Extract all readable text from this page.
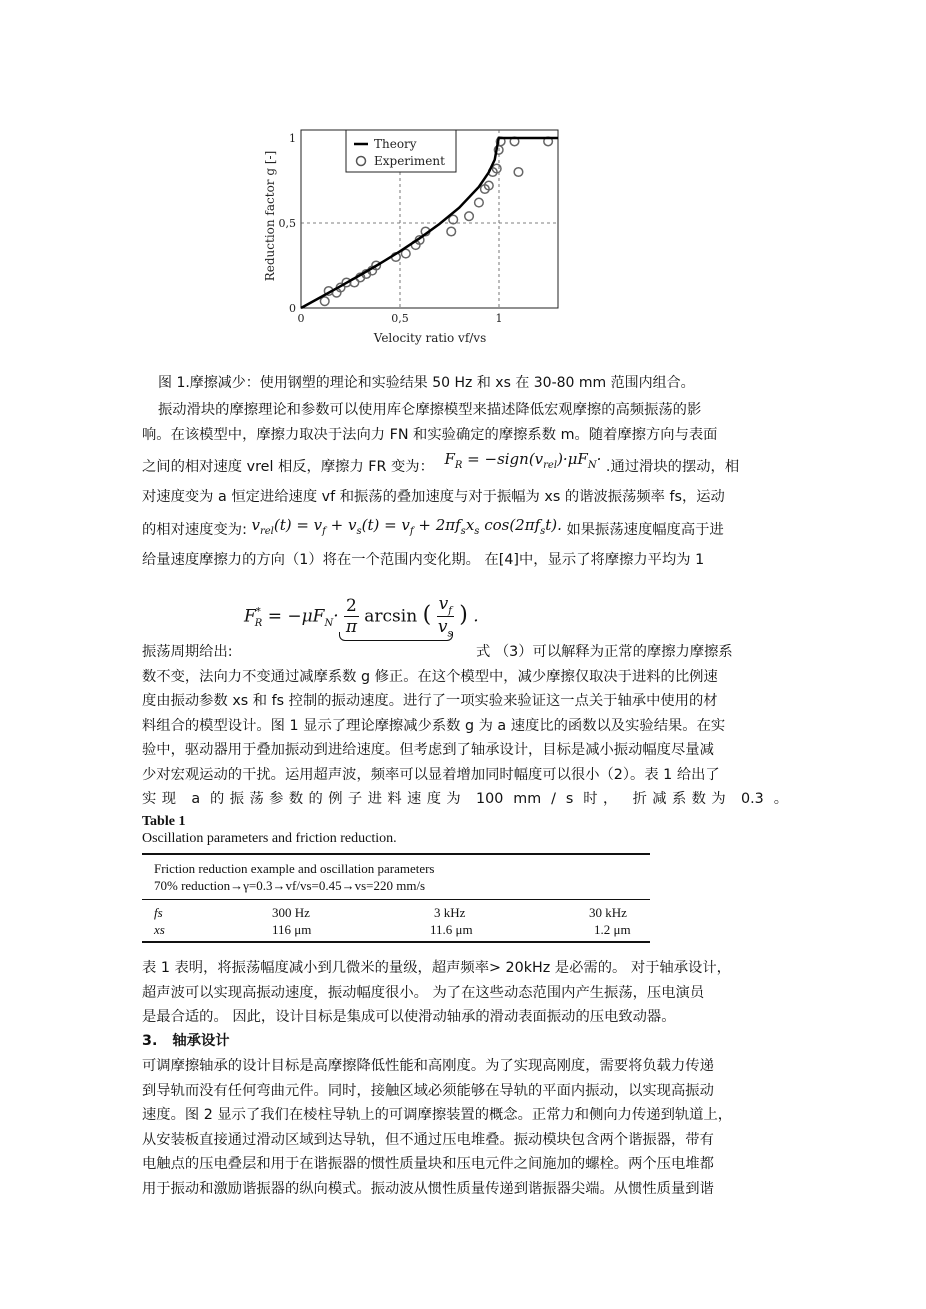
1
0,5
0
0	0,5	1
Velocity ratio vf/vs
Reduction factor g [-]
Theory
Experiment
图 1.摩擦减少：使用钢塑的理论和实验结果 50 Hz 和 xs 在 30-80 mm 范围内组合。
振动滑块的摩擦理论和参数可以使用库仑摩擦模型来描述降低宏观摩擦的高频振荡的影
响。在该模型中，摩擦力取决于法向力 FN 和实验确定的摩擦系数 m。随着摩擦方向与表面
之间的相对速度 vrel 相反，摩擦力 FR 变为： $F_R$ = $-sign(v_{rel})\cdot\mu F_N\cdot$ .通过滑块的摆动，相
对速度变为 a 恒定进给速度 vf 和振荡的叠加速度与对于振幅为 xs 的谐波振荡频率 fs，运动
的相对速度变为: $v_{rel}(t) = v_f + v_s(t) = v_f + 2\pi f_sx_s$ $\cos(2\pi f_st)$. 如果振荡速度幅度高于进
给量速度摩擦力的方向（1）将在一个范围内变化期。 在[4]中，显示了将摩擦力平均为 1
$F^*_R = -\mu F_N\cdot \frac{2}{\pi}$ arcsin ( $\frac{v_f}{v_s}$ ) .
振荡周期给出:	式 （3）可以解释为正常的摩擦力摩擦系
数不变，法向力不变通过减摩系数 g 修正。在这个模型中，减少摩擦仅取决于进料的比例速
度由振动参数 xs 和 fs 控制的振动速度。进行了一项实验来验证这一点关于轴承中使用的材
料组合的模型设计。图 1 显示了理论摩擦减少系数 g 为 a 速度比的函数以及实验结果。在实
验中，驱动器用于叠加振动到进给速度。但考虑到了轴承设计，目标是减小振动幅度尽量减
少对宏观运动的干扰。运用超声波，频率可以显着增加同时幅度可以很小（2）。表 1 给出了
实现 a 的振荡参数的例子进料速度为 100 mm / s 时， 折减系数为 0.3 。
Table 1
Oscillation parameters and friction reduction.
Friction reduction example and oscillation parameters
70% reduction→γ=0.3→vf/vs=0.45→vs=220 mm/s
fs	300 Hz	3 kHz	30 kHz
xs	116 μm	11.6 μm	1.2 μm
表 1 表明，将振荡幅度减小到几微米的量级，超声频率> 20kHz 是必需的。 对于轴承设计，
超声波可以实现高振动速度，振动幅度很小。 为了在这些动态范围内产生振荡，压电演员
是最合适的。 因此，设计目标是集成可以使滑动轴承的滑动表面振动的压电致动器。
3. 轴承设计
可调摩擦轴承的设计目标是高摩擦降低性能和高刚度。为了实现高刚度，需要将负载力传递
到导轨而没有任何弯曲元件。同时，接触区域必须能够在导轨的平面内振动，以实现高振动
速度。图 2 显示了我们在棱柱导轨上的可调摩擦装置的概念。正常力和侧向力传递到轨道上，
从安装板直接通过滑动区域到达导轨，但不通过压电堆叠。振动模块包含两个谐振器，带有
电触点的压电叠层和用于在谐振器的惯性质量块和压电元件之间施加的螺栓。两个压电堆都
用于振动和激励谐振器的纵向模式。振动波从惯性质量传递到谐振器尖端。从惯性质量到谐
